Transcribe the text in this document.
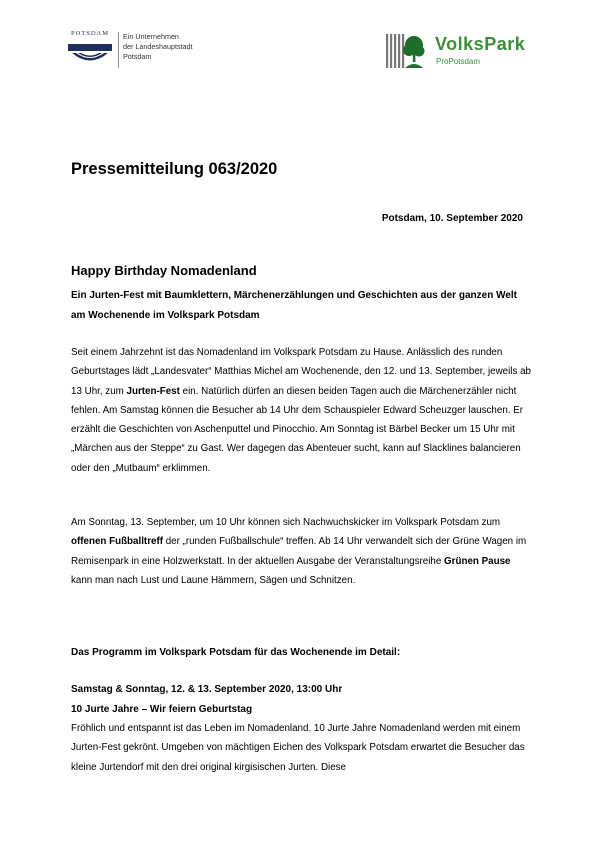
POTSDAM	Ein Unternehmen
der Landeshauptstadt
Potsdam
VolksPark
ProPotsdam
Pressemitteilung 063/2020
Potsdam, 10. September 2020
Happy Birthday Nomadenland
Ein Jurten-Fest mit Baumklettern, Märchenerzählungen und Geschichten aus der ganzen Welt am Wochenende im Volkspark Potsdam
Seit einem Jahrzehnt ist das Nomadenland im Volkspark Potsdam zu Hause. Anlässlich des runden Geburtstages lädt „Landesvater“ Matthias Michel am Wochenende, den 12. und 13. September, jeweils ab 13 Uhr, zum Jurten-Fest ein. Natürlich dürfen an diesen beiden Tagen auch die Märchenerzähler nicht fehlen. Am Samstag können die Besucher ab 14 Uhr dem Schauspieler Edward Scheuzger lauschen. Er erzählt die Geschichten von Aschenputtel und Pinocchio. Am Sonntag ist Bärbel Becker um 15 Uhr mit „Märchen aus der Steppe“ zu Gast. Wer dagegen das Abenteuer sucht, kann auf Slacklines balancieren oder den „Mutbaum“ erklimmen.
Am Sonntag, 13. September, um 10 Uhr können sich Nachwuchskicker im Volkspark Potsdam zum offenen Fußballtreff der „runden Fußballschule“ treffen. Ab 14 Uhr verwandelt sich der Grüne Wagen im Remisenpark in eine Holzwerkstatt. In der aktuellen Ausgabe der Veranstaltungsreihe Grünen Pause kann man nach Lust und Laune Hämmern, Sägen und Schnitzen.
Das Programm im Volkspark Potsdam für das Wochenende im Detail:
Samstag & Sonntag, 12. & 13. September 2020, 13:00 Uhr
10 Jurte Jahre – Wir feiern Geburtstag
Fröhlich und entspannt ist das Leben im Nomadenland. 10 Jurte Jahre Nomadenland werden mit einem Jurten-Fest gekrönt. Umgeben von mächtigen Eichen des Volkspark Potsdam erwartet die Besucher das kleine Jurtendorf mit den drei original kirgisischen Jurten. Diese
